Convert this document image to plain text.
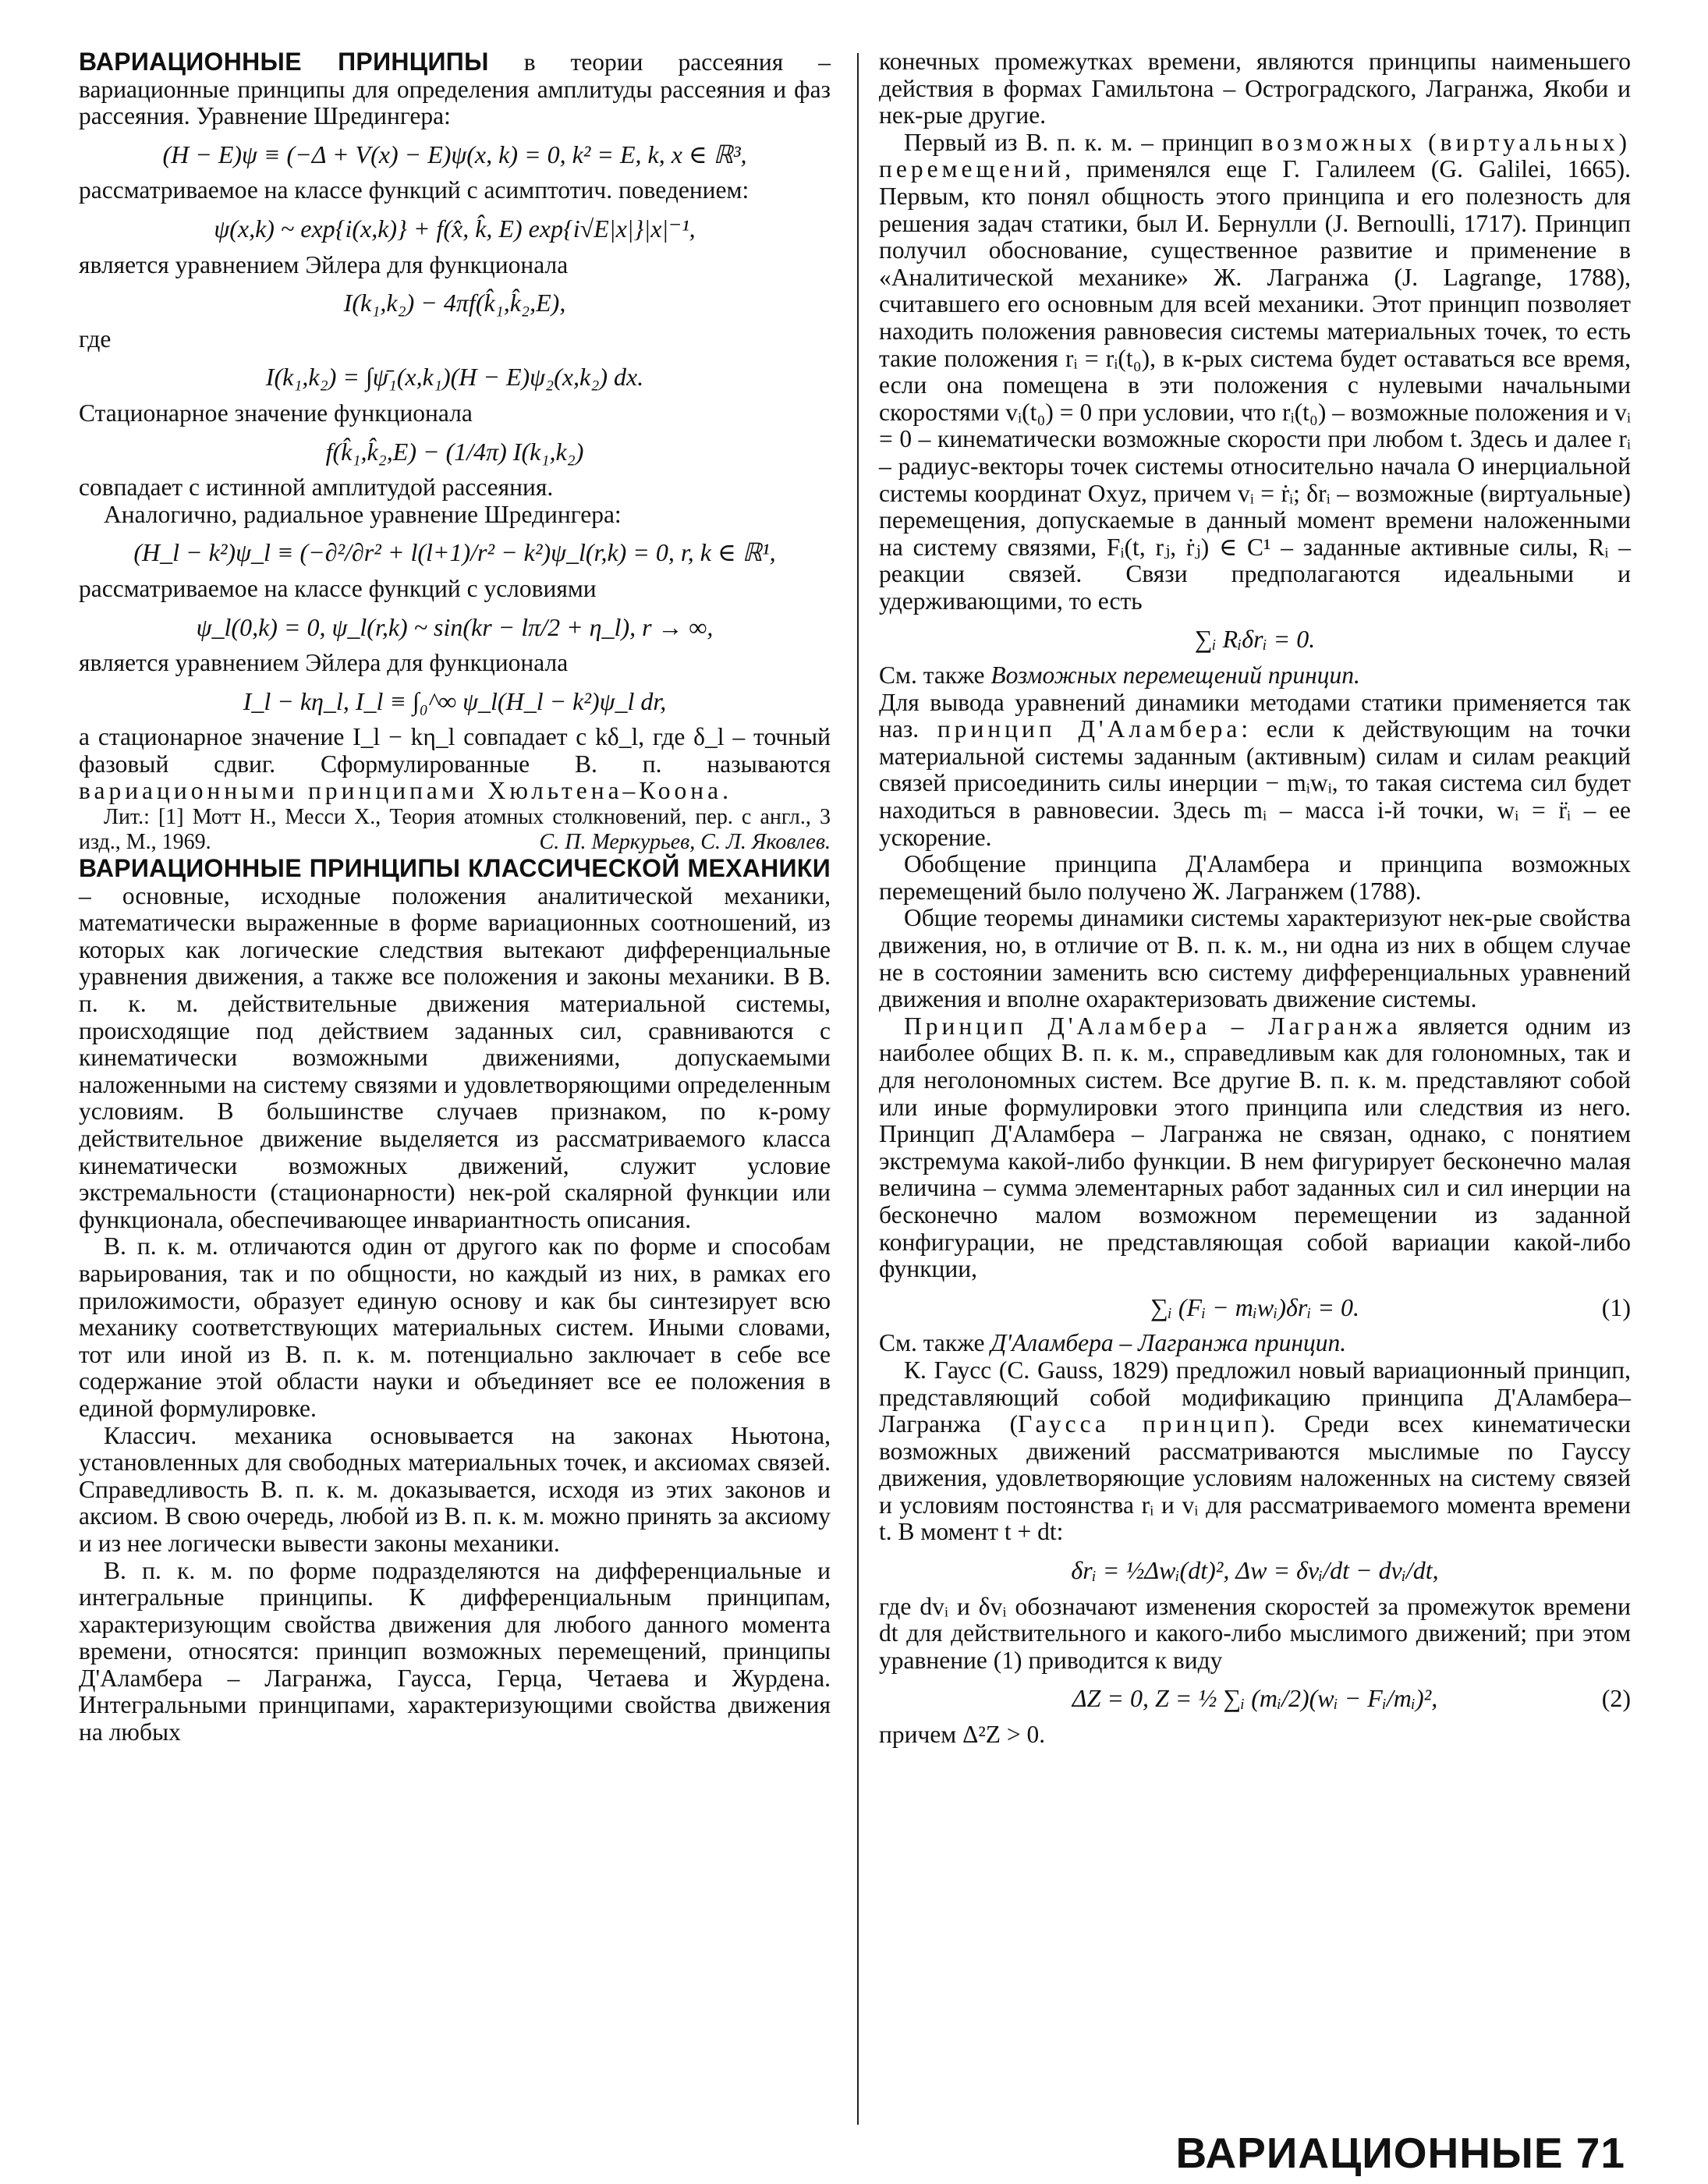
ВАРИАЦИОННЫЕ ПРИНЦИПЫ в теории рассеяния – вариационные принципы для определения амплитуды рассеяния и фаз рассеяния. Уравнение Шредингера:

(H − E)ψ ≡ (−Δ + V(x) − E)ψ(x, k) = 0, k² = E, k, x ∈ ℝ³,

рассматриваемое на классе функций с асимптотич. поведением:

ψ(x,k) ~ exp{i(x,k)} + f(x̂, k̂, E) exp{i√E|x|}|x|⁻¹,

является уравнением Эйлера для функционала

I(k₁,k₂) − 4πf(k̂₁,k̂₂,E),

где

I(k₁,k₂) = ∫ψ̄₁(x,k₁)(H − E)ψ₂(x,k₂) dx.

Стационарное значение функционала

f(k̂₁,k̂₂,E) − (1/4π) I(k₁,k₂)

совпадает с истинной амплитудой рассеяния.

Аналогично, радиальное уравнение Шредингера:

(H_l − k²)ψ_l ≡ (−∂²/∂r² + l(l+1)/r² − k²)ψ_l(r,k) = 0, r, k ∈ ℝ¹,

рассматриваемое на классе функций с условиями

ψ_l(0,k) = 0, ψ_l(r,k) ~ sin(kr − lπ/2 + η_l), r → ∞,

является уравнением Эйлера для функционала

I_l − kη_l, I_l ≡ ∫₀^∞ ψ_l(H_l − k²)ψ_l dr,

а стационарное значение I_l − kη_l совпадает с kδ_l, где δ_l – точный фазовый сдвиг. Сформулированные В. п. называются вариационными принципами Хюльтена–Коона.

Лит.: [1] Мотт Н., Месси Х., Теория атомных столкновений, пер. с англ., 3 изд., М., 1969.	С. П. Меркурьев, С. Л. Яковлев.

ВАРИАЦИОННЫЕ ПРИНЦИПЫ КЛАССИЧЕСКОЙ МЕХАНИКИ – основные, исходные положения аналитической механики, математически выраженные в форме вариационных соотношений, из которых как логические следствия вытекают дифференциальные уравнения движения, а также все положения и законы механики. В В. п. к. м. действительные движения материальной системы, происходящие под действием заданных сил, сравниваются с кинематически возможными движениями, допускаемыми наложенными на систему связями и удовлетворяющими определенным условиям. В большинстве случаев признаком, по к-рому действительное движение выделяется из рассматриваемого класса кинематически возможных движений, служит условие экстремальности (стационарности) нек-рой скалярной функции или функционала, обеспечивающее инвариантность описания.

В. п. к. м. отличаются один от другого как по форме и способам варьирования, так и по общности, но каждый из них, в рамках его приложимости, образует единую основу и как бы синтезирует всю механику соответствующих материальных систем. Иными словами, тот или иной из В. п. к. м. потенциально заключает в себе все содержание этой области науки и объединяет все ее положения в единой формулировке.

Классич. механика основывается на законах Ньютона, установленных для свободных материальных точек, и аксиомах связей. Справедливость В. п. к. м. доказывается, исходя из этих законов и аксиом. В свою очередь, любой из В. п. к. м. можно принять за аксиому и из нее логически вывести законы механики.

В. п. к. м. по форме подразделяются на дифференциальные и интегральные принципы. К дифференциальным принципам, характеризующим свойства движения для любого данного момента времени, относятся: принцип возможных перемещений, принципы Д'Аламбера – Лагранжа, Гаусса, Герца, Четаева и Журдена. Интегральными принципами, характеризующими свойства движения на любых

конечных промежутках времени, являются принципы наименьшего действия в формах Гамильтона – Остроградского, Лагранжа, Якоби и нек-рые другие.

Первый из В. п. к. м. – принцип возможных (виртуальных) перемещений, применялся еще Г. Галилеем (G. Galilei, 1665). Первым, кто понял общность этого принципа и его полезность для решения задач статики, был И. Бернулли (J. Bernoulli, 1717). Принцип получил обоснование, существенное развитие и применение в «Аналитической механике» Ж. Лагранжа (J. Lagrange, 1788), считавшего его основным для всей механики. Этот принцип позволяет находить положения равновесия системы материальных точек, то есть такие положения rᵢ = rᵢ(t₀), в к-рых система будет оставаться все время, если она помещена в эти положения с нулевыми начальными скоростями vᵢ(t₀) = 0 при условии, что rᵢ(t₀) – возможные положения и vᵢ = 0 – кинематически возможные скорости при любом t. Здесь и далее rᵢ – радиус-векторы точек системы относительно начала O инерциальной системы координат Oxyz, причем vᵢ = ṙᵢ; δrᵢ – возможные (виртуальные) перемещения, допускаемые в данный момент времени наложенными на систему связями, Fᵢ(t, rⱼ, ṙⱼ) ∈ C¹ – заданные активные силы, Rᵢ – реакции связей. Связи предполагаются идеальными и удерживающими, то есть

∑ᵢ Rᵢδrᵢ = 0.

См. также Возможных перемещений принцип.

Для вывода уравнений динамики методами статики применяется так наз. принцип Д'Аламбера: если к действующим на точки материальной системы заданным (активным) силам и силам реакций связей присоединить силы инерции − mᵢwᵢ, то такая система сил будет находиться в равновесии. Здесь mᵢ – масса i-й точки, wᵢ = r̈ᵢ – ее ускорение.

Обобщение принципа Д'Аламбера и принципа возможных перемещений было получено Ж. Лагранжем (1788).

Общие теоремы динамики системы характеризуют нек-рые свойства движения, но, в отличие от В. п. к. м., ни одна из них в общем случае не в состоянии заменить всю систему дифференциальных уравнений движения и вполне охарактеризовать движение системы.

Принцип Д'Аламбера – Лагранжа является одним из наиболее общих В. п. к. м., справедливым как для голономных, так и для неголономных систем. Все другие В. п. к. м. представляют собой или иные формулировки этого принципа или следствия из него. Принцип Д'Аламбера – Лагранжа не связан, однако, с понятием экстремума какой-либо функции. В нем фигурирует бесконечно малая величина – сумма элементарных работ заданных сил и сил инерции на бесконечно малом возможном перемещении из заданной конфигурации, не представляющая собой вариации какой-либо функции,

∑ᵢ (Fᵢ − mᵢwᵢ)δrᵢ = 0.	(1)

См. также Д'Аламбера – Лагранжа принцип.

К. Гаусс (C. Gauss, 1829) предложил новый вариационный принцип, представляющий собой модификацию принципа Д'Аламбера–Лагранжа (Гаусса принцип). Среди всех кинематически возможных движений рассматриваются мыслимые по Гауссу движения, удовлетворяющие условиям наложенных на систему связей и условиям постоянства rᵢ и vᵢ для рассматриваемого момента времени t. В момент t + dt:

δrᵢ = ½Δwᵢ(dt)², Δw = δvᵢ/dt − dvᵢ/dt,

где dvᵢ и δvᵢ обозначают изменения скоростей за промежуток времени dt для действительного и какого-либо мыслимого движений; при этом уравнение (1) приводится к виду

ΔZ = 0, Z = ½ ∑ᵢ (mᵢ/2)(wᵢ − Fᵢ/mᵢ)²,	(2)

причем Δ²Z > 0.

ВАРИАЦИОННЫЕ 71
